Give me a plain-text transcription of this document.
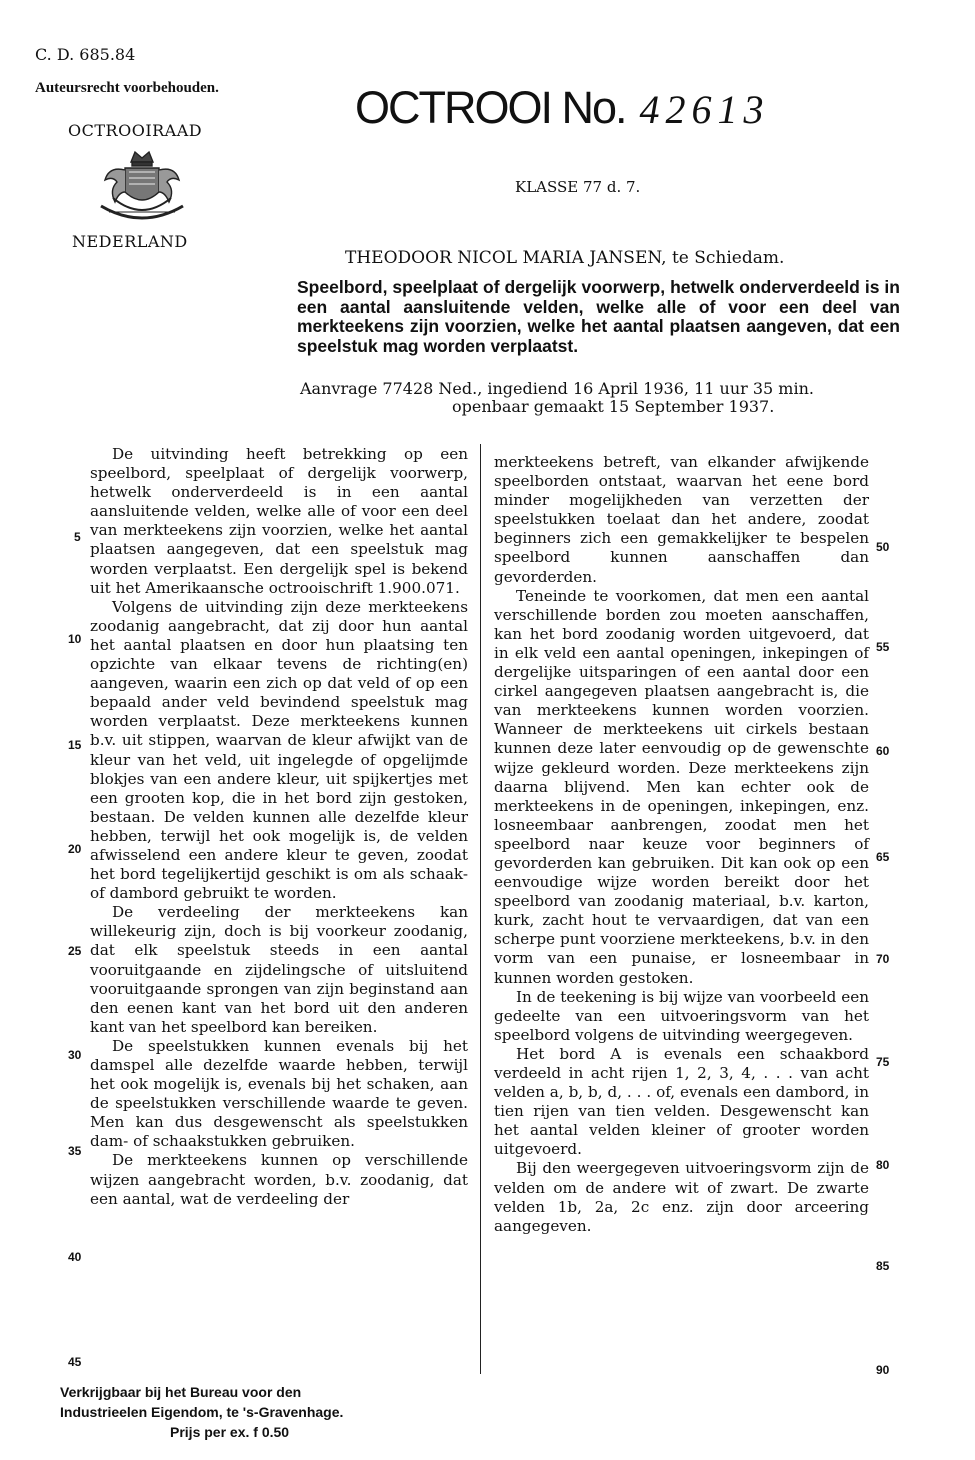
C. D. 685.84
Auteursrecht voorbehouden.
OCTROOIRAAD
NEDERLAND
OCTROOI No. 42613
KLASSE 77 d. 7.
THEODOOR NICOL MARIA JANSEN, te Schiedam.
Speelbord, speelplaat of dergelijk voorwerp, hetwelk onderverdeeld is in een aantal aansluitende velden, welke alle of voor een deel van merkteekens zijn voorzien, welke het aantal plaatsen aangeven, dat een speelstuk mag worden verplaatst.
Aanvrage 77428 Ned., ingediend 16 April 1936, 11 uur 35 min.
openbaar gemaakt 15 September 1937.

De uitvinding heeft betrekking op een speelbord, speelplaat of dergelijk voorwerp, hetwelk onderverdeeld is in een aantal aansluitende velden, welke alle of voor een deel van merkteekens zijn voorzien, welke het aantal plaatsen aangegeven, dat een speelstuk mag worden verplaatst. Een dergelijk spel is bekend uit het Amerikaansche octrooischrift 1.900.071.

Volgens de uitvinding zijn deze merkteekens zoodanig aangebracht, dat zij door hun aantal het aantal plaatsen en door hun plaatsing ten opzichte van elkaar tevens de richting(en) aangeven, waarin een zich op dat veld of op een bepaald ander veld bevindend speelstuk mag worden verplaatst. Deze merkteekens kunnen b.v. uit stippen, waarvan de kleur afwijkt van de kleur van het veld, uit ingelegde of opgelijmde blokjes van een andere kleur, uit spijkertjes met een grooten kop, die in het bord zijn gestoken, bestaan. De velden kunnen alle dezelfde kleur hebben, terwijl het ook mogelijk is, de velden afwisselend een andere kleur te geven, zoodat het bord tegelijkertijd geschikt is om als schaak- of dambord gebruikt te worden.

De verdeeling der merkteekens kan willekeurig zijn, doch is bij voorkeur zoodanig, dat elk speelstuk steeds in een aantal vooruitgaande en zijdelingsche of uitsluitend vooruitgaande sprongen van zijn beginstand aan den eenen kant van het bord uit den anderen kant van het speelbord kan bereiken.

De speelstukken kunnen evenals bij het damspel alle dezelfde waarde hebben, terwijl het ook mogelijk is, evenals bij het schaken, aan de speelstukken verschillende waarde te geven. Men kan dus desgewenscht als speelstukken dam- of schaakstukken gebruiken.

De merkteekens kunnen op verschillende wijzen aangebracht worden, b.v. zoodanig, dat een aantal, wat de verdeeling der

merkteekens betreft, van elkander afwijkende speelborden ontstaat, waarvan het eene bord minder mogelijkheden van verzetten der speelstukken toelaat dan het andere, zoodat beginners zich een gemakkelijker te bespelen speelbord kunnen aanschaffen dan gevorderden.

Teneinde te voorkomen, dat men een aantal verschillende borden zou moeten aanschaffen, kan het bord zoodanig worden uitgevoerd, dat in elk veld een aantal openingen, inkepingen of dergelijke uitsparingen of een aantal door een cirkel aangegeven plaatsen aangebracht is, die van merkteekens kunnen worden voorzien. Wanneer de merkteekens uit cirkels bestaan kunnen deze later eenvoudig op de gewenschte wijze gekleurd worden. Deze merkteekens zijn daarna blijvend. Men kan echter ook de merkteekens in de openingen, inkepingen, enz. losneembaar aanbrengen, zoodat men het speelbord naar keuze voor beginners of gevorderden kan gebruiken. Dit kan ook op een eenvoudige wijze worden bereikt door het speelbord van zoodanig materiaal, b.v. karton, kurk, zacht hout te vervaardigen, dat van een scherpe punt voorziene merkteekens, b.v. in den vorm van een punaise, er losneembaar in kunnen worden gestoken.

In de teekening is bij wijze van voorbeeld een gedeelte van een uitvoeringsvorm van het speelbord volgens de uitvinding weergegeven.

Het bord A is evenals een schaakbord verdeeld in acht rijen 1, 2, 3, 4, . . . van acht velden a, b, b, d, . . . of, evenals een dambord, in tien rijen van tien velden. Desgewenscht kan het aantal velden kleiner of grooter worden uitgevoerd.

Bij den weergegeven uitvoeringsvorm zijn de velden om de andere wit of zwart. De zwarte velden 1b, 2a, 2c enz. zijn door arceering aangegeven.

5
10
15
20
25
30
35
40
45
50
55
60
65
70
75
80
85
90
Verkrijgbaar bij het Bureau voor den
Industrieelen Eigendom, te 's-Gravenhage.
Prijs per ex. f 0.50
